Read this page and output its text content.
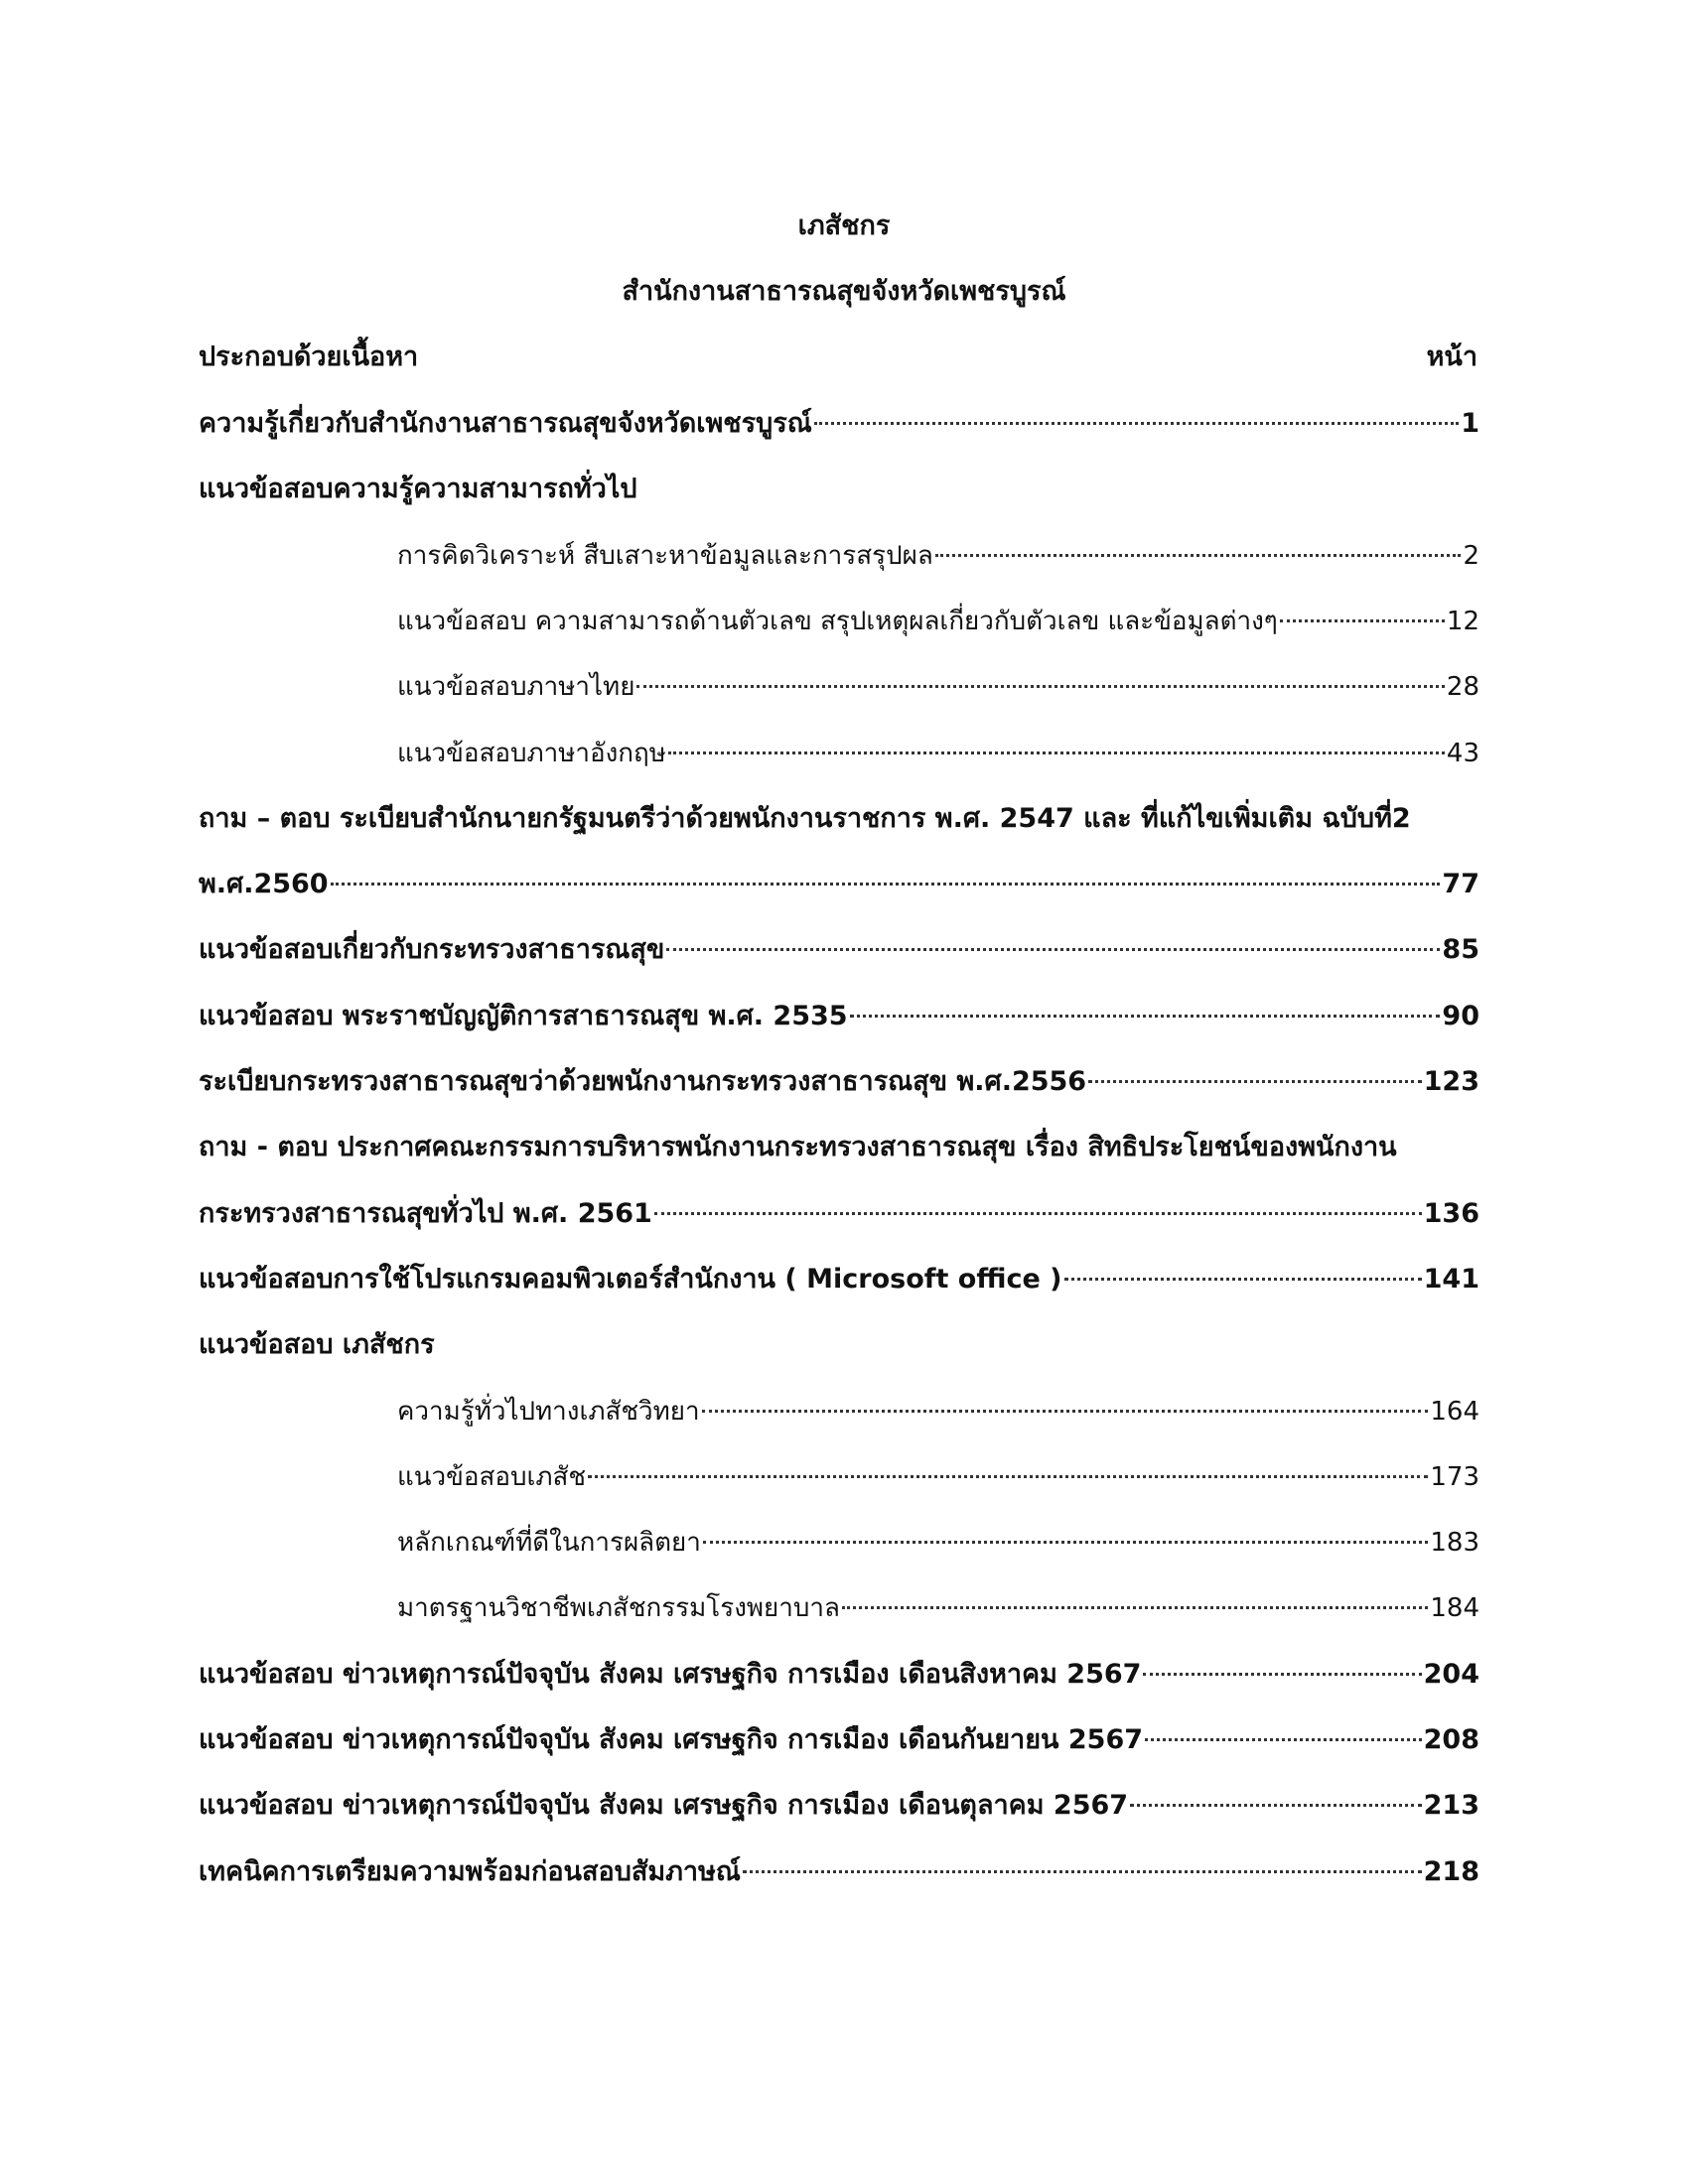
เภสัชกร
สำนักงานสาธารณสุขจังหวัดเพชรบูรณ์
ประกอบด้วยเนื้อหา	หน้า
ความรู้เกี่ยวกับสำนักงานสาธารณสุขจังหวัดเพชรบูรณ์	1
แนวข้อสอบความรู้ความสามารถทั่วไป
การคิดวิเคราะห์ สืบเสาะหาข้อมูลและการสรุปผล	2
แนวข้อสอบ ความสามารถด้านตัวเลข สรุปเหตุผลเกี่ยวกับตัวเลข และข้อมูลต่างๆ	12
แนวข้อสอบภาษาไทย	28
แนวข้อสอบภาษาอังกฤษ	43
ถาม – ตอบ ระเบียบสำนักนายกรัฐมนตรีว่าด้วยพนักงานราชการ พ.ศ. 2547 และ ที่แก้ไขเพิ่มเติม ฉบับที่2
พ.ศ.2560	77
แนวข้อสอบเกี่ยวกับกระทรวงสาธารณสุข	85
แนวข้อสอบ พระราชบัญญัติการสาธารณสุข พ.ศ. 2535	90
ระเบียบกระทรวงสาธารณสุขว่าด้วยพนักงานกระทรวงสาธารณสุข พ.ศ.2556	123
ถาม - ตอบ ประกาศคณะกรรมการบริหารพนักงานกระทรวงสาธารณสุข เรื่อง สิทธิประโยชน์ของพนักงาน
กระทรวงสาธารณสุขทั่วไป พ.ศ. 2561	136
แนวข้อสอบการใช้โปรแกรมคอมพิวเตอร์สำนักงาน ( Microsoft office )	141
แนวข้อสอบ เภสัชกร
ความรู้ทั่วไปทางเภสัชวิทยา	164
แนวข้อสอบเภสัช	173
หลักเกณฑ์ที่ดีในการผลิตยา	183
มาตรฐานวิชาชีพเภสัชกรรมโรงพยาบาล	184
แนวข้อสอบ ข่าวเหตุการณ์ปัจจุบัน สังคม เศรษฐกิจ การเมือง เดือนสิงหาคม 2567	204
แนวข้อสอบ ข่าวเหตุการณ์ปัจจุบัน สังคม เศรษฐกิจ การเมือง เดือนกันยายน 2567	208
แนวข้อสอบ ข่าวเหตุการณ์ปัจจุบัน สังคม เศรษฐกิจ การเมือง เดือนตุลาคม 2567	213
เทคนิคการเตรียมความพร้อมก่อนสอบสัมภาษณ์	218
